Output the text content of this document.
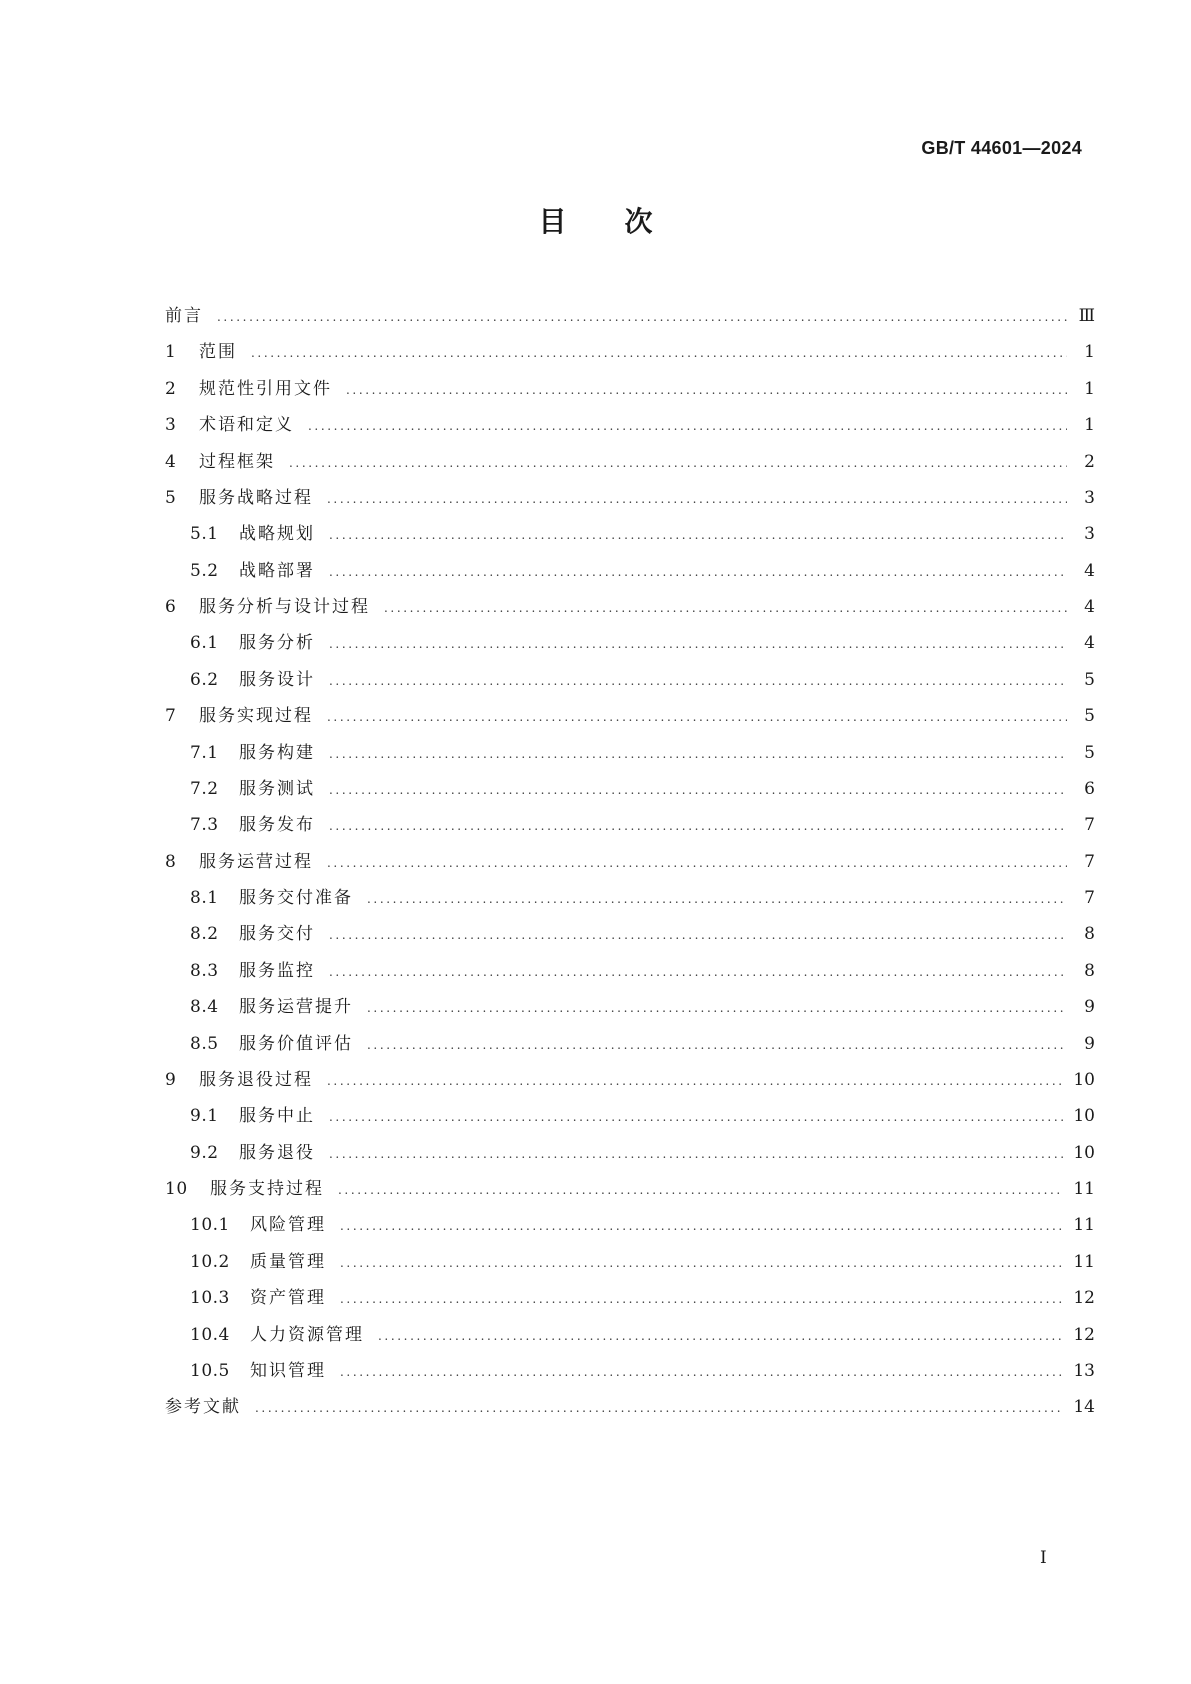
GB/T 44601—2024
目次
前言 .....	Ⅲ
1	范围 .....	1
2	规范性引用文件 .....	1
3	术语和定义 .....	1
4	过程框架 .....	2
5	服务战略过程 .....	3
5.1	战略规划 .....	3
5.2	战略部署 .....	4
6	服务分析与设计过程 .....	4
6.1	服务分析 .....	4
6.2	服务设计 .....	5
7	服务实现过程 .....	5
7.1	服务构建 .....	5
7.2	服务测试 .....	6
7.3	服务发布 .....	7
8	服务运营过程 .....	7
8.1	服务交付准备 .....	7
8.2	服务交付 .....	8
8.3	服务监控 .....	8
8.4	服务运营提升 .....	9
8.5	服务价值评估 .....	9
9	服务退役过程 .....	10
9.1	服务中止 .....	10
9.2	服务退役 .....	10
10	服务支持过程 .....	11
10.1	风险管理 .....	11
10.2	质量管理 .....	11
10.3	资产管理 .....	12
10.4	人力资源管理 .....	12
10.5	知识管理 .....	13
参考文献 .....	14
I
